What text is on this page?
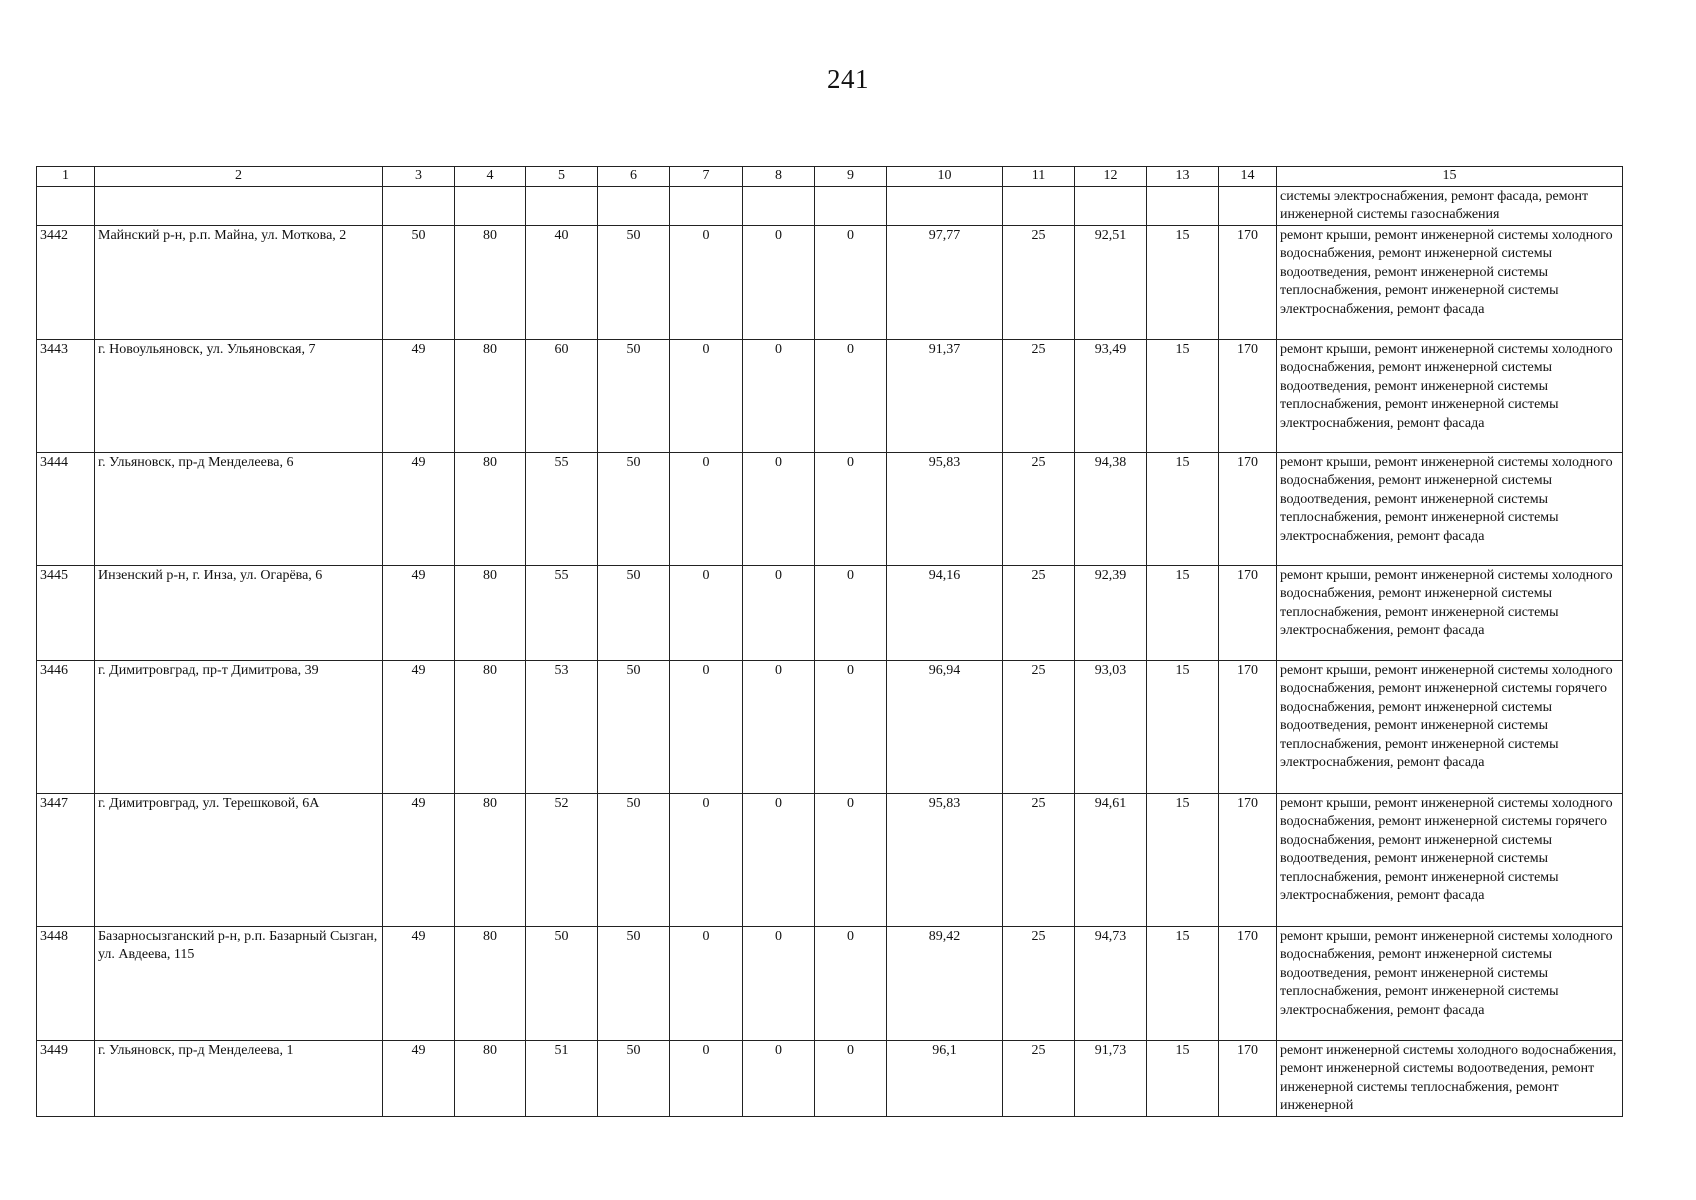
241
1	2	3	4	5	6	7	8	9	10	11	12	13	14	15
														системы электроснабжения, ремонт фасада, ремонт инженерной системы газоснабжения
3442	Майнский р-н, р.п. Майна, ул. Моткова, 2	50	80	40	50	0	0	0	97,77	25	92,51	15	170	ремонт крыши, ремонт инженерной системы холодного водоснабжения, ремонт инженерной системы водоотведения, ремонт инженерной системы теплоснабжения, ремонт инженерной системы электроснабжения, ремонт фасада
3443	г. Новоульяновск, ул. Ульяновская, 7	49	80	60	50	0	0	0	91,37	25	93,49	15	170	ремонт крыши, ремонт инженерной системы холодного водоснабжения, ремонт инженерной системы водоотведения, ремонт инженерной системы теплоснабжения, ремонт инженерной системы электроснабжения, ремонт фасада
3444	г. Ульяновск, пр-д Менделеева, 6	49	80	55	50	0	0	0	95,83	25	94,38	15	170	ремонт крыши, ремонт инженерной системы холодного водоснабжения, ремонт инженерной системы водоотведения, ремонт инженерной системы теплоснабжения, ремонт инженерной системы электроснабжения, ремонт фасада
3445	Инзенский р-н, г. Инза, ул. Огарёва, 6	49	80	55	50	0	0	0	94,16	25	92,39	15	170	ремонт крыши, ремонт инженерной системы холодного водоснабжения, ремонт инженерной системы теплоснабжения, ремонт инженерной системы электроснабжения, ремонт фасада
3446	г. Димитровград, пр-т Димитрова, 39	49	80	53	50	0	0	0	96,94	25	93,03	15	170	ремонт крыши, ремонт инженерной системы холодного водоснабжения, ремонт инженерной системы горячего водоснабжения, ремонт инженерной системы водоотведения, ремонт инженерной системы теплоснабжения, ремонт инженерной системы электроснабжения, ремонт фасада
3447	г. Димитровград, ул. Терешковой, 6А	49	80	52	50	0	0	0	95,83	25	94,61	15	170	ремонт крыши, ремонт инженерной системы холодного водоснабжения, ремонт инженерной системы горячего водоснабжения, ремонт инженерной системы водоотведения, ремонт инженерной системы теплоснабжения, ремонт инженерной системы электроснабжения, ремонт фасада
3448	Базарносызганский р-н, р.п. Базарный Сызган, ул. Авдеева, 115	49	80	50	50	0	0	0	89,42	25	94,73	15	170	ремонт крыши, ремонт инженерной системы холодного водоснабжения, ремонт инженерной системы водоотведения, ремонт инженерной системы теплоснабжения, ремонт инженерной системы электроснабжения, ремонт фасада
3449	г. Ульяновск, пр-д Менделеева, 1	49	80	51	50	0	0	0	96,1	25	91,73	15	170	ремонт инженерной системы холодного водоснабжения, ремонт инженерной системы водоотведения, ремонт инженерной системы теплоснабжения, ремонт инженерной
